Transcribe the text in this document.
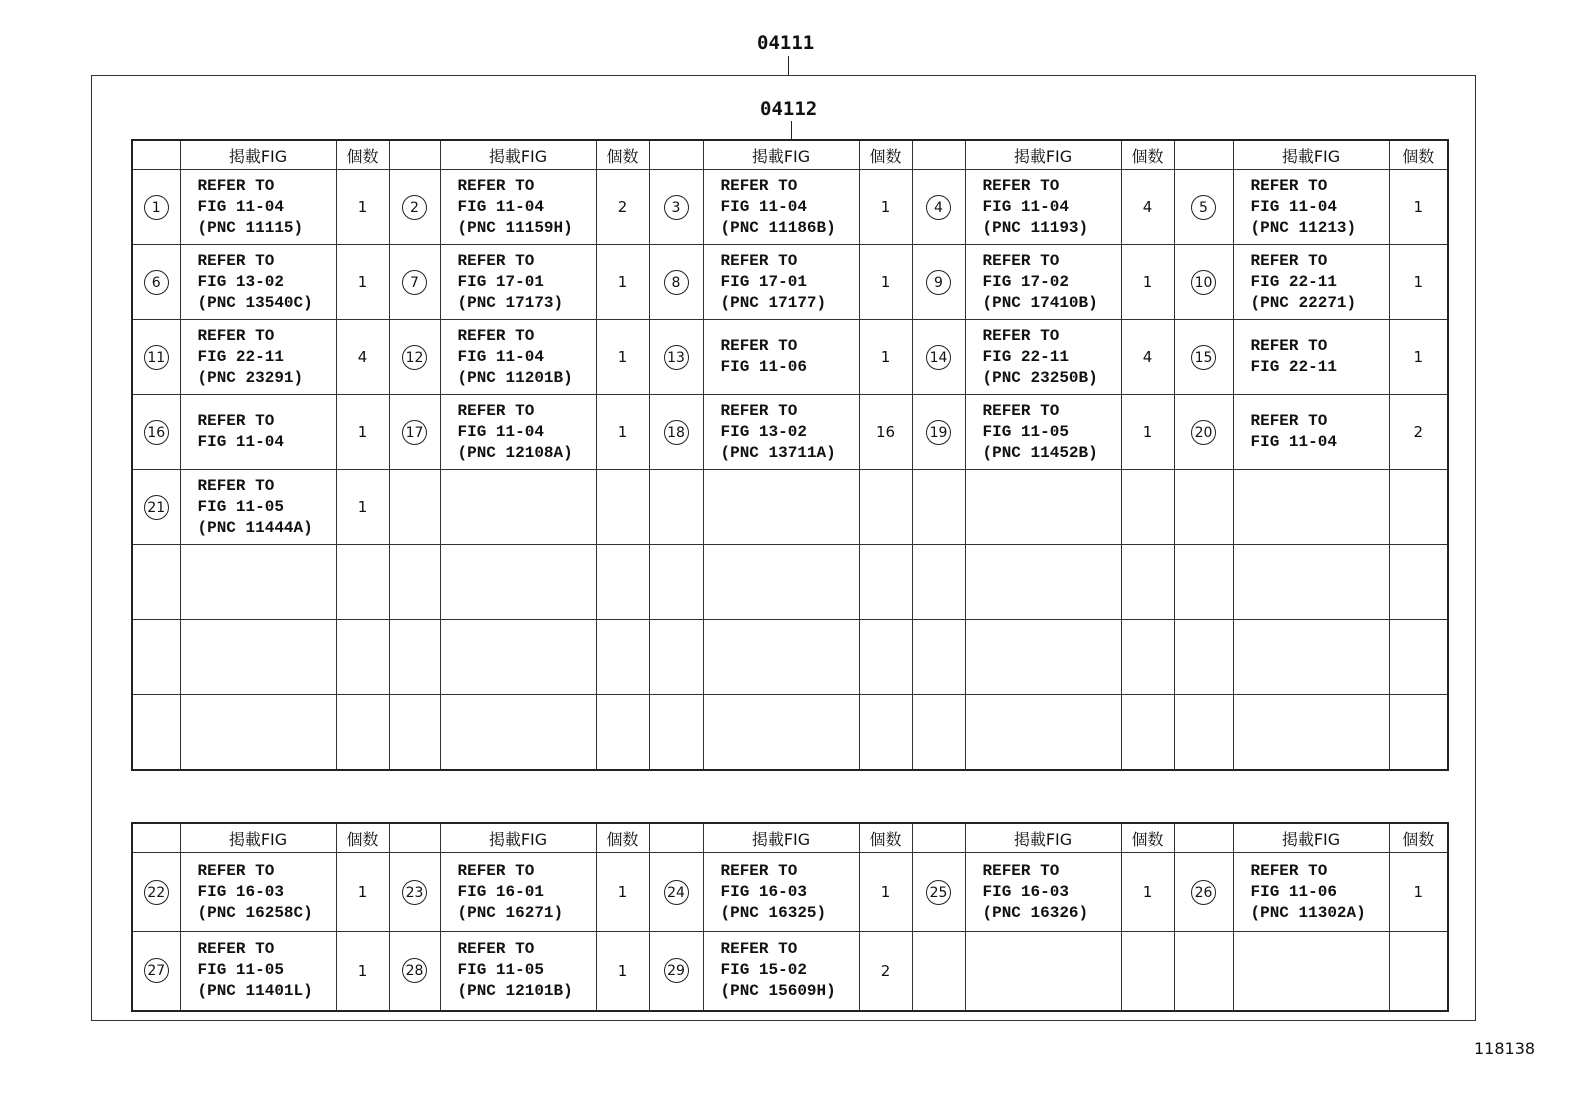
04111
04112
	掲載FIG	個数		掲載FIG	個数		掲載FIG	個数		掲載FIG	個数		掲載FIG	個数
1	REFER TO
FIG 11-04
(PNC 11115)	1	2	REFER TO
FIG 11-04
(PNC 11159H)	2	3	REFER TO
FIG 11-04
(PNC 11186B)	1	4	REFER TO
FIG 11-04
(PNC 11193)	4	5	REFER TO
FIG 11-04
(PNC 11213)	1
6	REFER TO
FIG 13-02
(PNC 13540C)	1	7	REFER TO
FIG 17-01
(PNC 17173)	1	8	REFER TO
FIG 17-01
(PNC 17177)	1	9	REFER TO
FIG 17-02
(PNC 17410B)	1	10	REFER TO
FIG 22-11
(PNC 22271)	1
11	REFER TO
FIG 22-11
(PNC 23291)	4	12	REFER TO
FIG 11-04
(PNC 11201B)	1	13	REFER TO
FIG 11-06	1	14	REFER TO
FIG 22-11
(PNC 23250B)	4	15	REFER TO
FIG 22-11	1
16	REFER TO
FIG 11-04	1	17	REFER TO
FIG 11-04
(PNC 12108A)	1	18	REFER TO
FIG 13-02
(PNC 13711A)	16	19	REFER TO
FIG 11-05
(PNC 11452B)	1	20	REFER TO
FIG 11-04	2
21	REFER TO
FIG 11-05
(PNC 11444A)	1												

	掲載FIG	個数		掲載FIG	個数		掲載FIG	個数		掲載FIG	個数		掲載FIG	個数
22	REFER TO
FIG 16-03
(PNC 16258C)	1	23	REFER TO
FIG 16-01
(PNC 16271)	1	24	REFER TO
FIG 16-03
(PNC 16325)	1	25	REFER TO
FIG 16-03
(PNC 16326)	1	26	REFER TO
FIG 11-06
(PNC 11302A)	1
27	REFER TO
FIG 11-05
(PNC 11401L)	1	28	REFER TO
FIG 11-05
(PNC 12101B)	1	29	REFER TO
FIG 15-02
(PNC 15609H)	2						
118138
